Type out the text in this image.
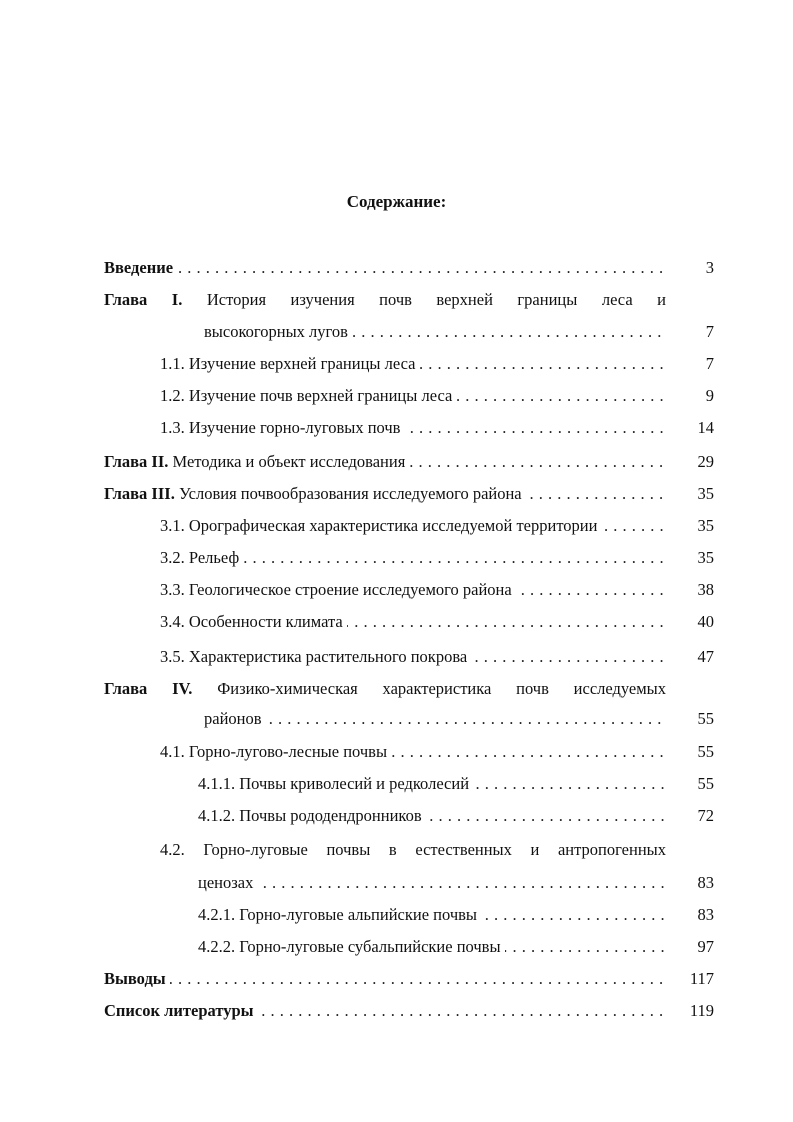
Содержание:
. . .
Введение	3
Глава I. История изучения почв верхней границы леса и
. . .
высокогорных лугов	7
. . .
1.1. Изучение верхней границы леса	7
. . .
1.2. Изучение почв верхней границы леса	9
. . .
1.3. Изучение горно-луговых почв	14
. . .
Глава II. Методика и объект исследования	29
. . .
Глава III. Условия почвообразования исследуемого района	35
. . .
3.1. Орографическая характеристика исследуемой территории	35
. . .
3.2. Рельеф	35
. . .
3.3. Геологическое строение исследуемого района	38
. . .
3.4. Особенности климата	40
. . .
3.5. Характеристика растительного покрова	47
Глава IV. Физико-химическая характеристика почв исследуемых
. . .
районов	55
. . .
4.1. Горно-лугово-лесные почвы	55
. . .
4.1.1. Почвы криволесий и редколесий	55
. . .
4.1.2. Почвы рододендронников	72
4.2. Горно-луговые почвы в естественных и антропогенных
. . .
ценозах	83
. . .
4.2.1. Горно-луговые альпийские почвы	83
. . .
4.2.2. Горно-луговые субальпийские почвы	97
. . .
Выводы	117
. . .
Список литературы	119
